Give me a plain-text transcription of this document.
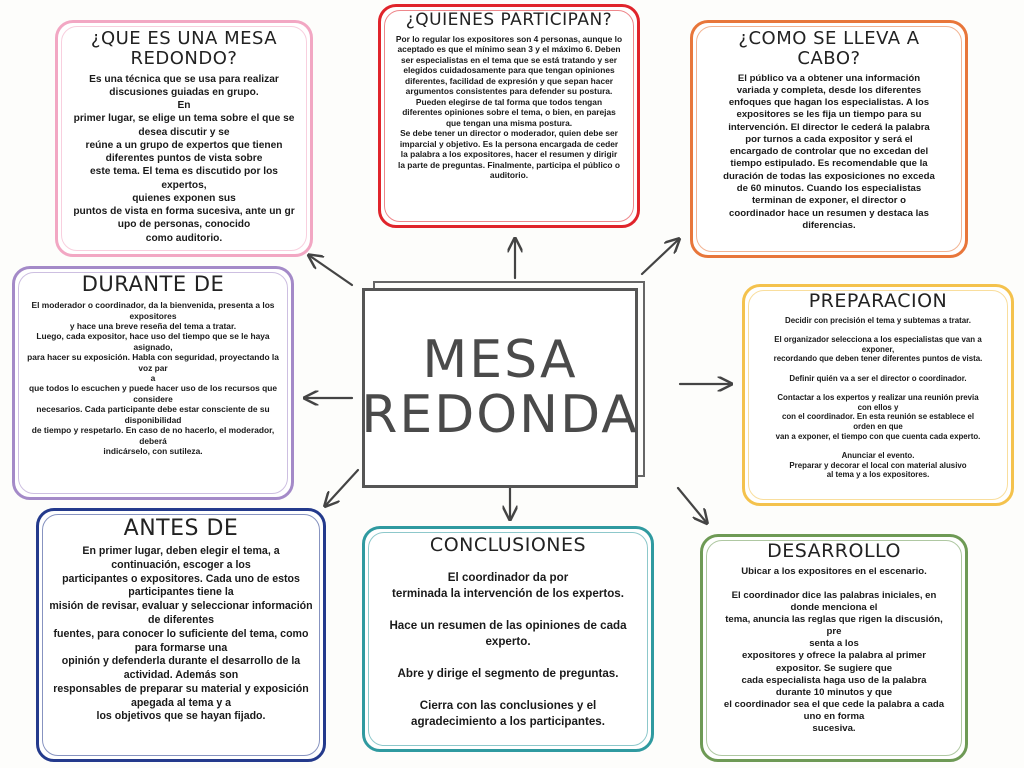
¿QUE ES UNA MESA
REDONDO?

Es una técnica que se usa para realizar
discusiones guiadas en grupo.
En
primer lugar, se elige un tema sobre el que se
desea discutir y se
reúne a un grupo de expertos que tienen
diferentes puntos de vista sobre
este tema. El tema es discutido por los expertos,
quienes exponen sus
puntos de vista en forma sucesiva, ante un gr
upo de personas, conocido
como auditorio.

¿QUIENES PARTICIPAN?

Por lo regular los expositores son 4 personas, aunque lo
aceptado es que el mínimo sean 3 y el máximo 6. Deben
ser especialistas en el tema que se está tratando y ser
elegidos cuidadosamente para que tengan opiniones
diferentes, facilidad de expresión y que sepan hacer
argumentos consistentes para defender su postura.
Pueden elegirse de tal forma que todos tengan
diferentes opiniones sobre el tema, o bien, en parejas
que tengan una misma postura.
Se debe tener un director o moderador, quien debe ser
imparcial y objetivo. Es la persona encargada de ceder
la palabra a los expositores, hacer el resumen y dirigir
la parte de preguntas. Finalmente, participa el público o
auditorio.

¿COMO SE LLEVA A
CABO?

El público va a obtener una información
variada y completa, desde los diferentes
enfoques que hagan los especialistas. A los
expositores se les fija un tiempo para su
intervención. El director le cederá la palabra
por turnos a cada expositor y será el
encargado de controlar que no excedan del
tiempo estipulado. Es recomendable que la
duración de todas las exposiciones no exceda
de 60 minutos. Cuando los especialistas
terminan de exponer, el director o
coordinador hace un resumen y destaca las
diferencias.

DURANTE DE

El moderador o coordinador, da la bienvenida, presenta a los
expositores
y hace una breve reseña del tema a tratar.
Luego, cada expositor, hace uso del tiempo que se le haya
asignado,
para hacer su exposición. Habla con seguridad, proyectando la
voz par
a
que todos lo escuchen y puede hacer uso de los recursos que
considere
necesarios. Cada participante debe estar consciente de su
disponibilidad
de tiempo y respetarlo. En caso de no hacerlo, el moderador,
deberá
indicárselo, con sutileza.

MESA
REDONDA
PREPARACION

Decidir con precisión el tema y subtemas a tratar.

El organizador selecciona a los especialistas que van a
exponer,
recordando que deben tener diferentes puntos de vista.

Definir quién va a ser el director o coordinador.

Contactar a los expertos y realizar una reunión previa
con ellos y
con el coordinador. En esta reunión se establece el
orden en que
van a exponer, el tiempo con que cuenta cada experto.

Anunciar el evento.
Preparar y decorar el local con material alusivo
al tema y a los expositores.

ANTES DE

En primer lugar, deben elegir el tema, a
continuación, escoger a los
participantes o expositores. Cada uno de estos
participantes tiene la
misión de revisar, evaluar y seleccionar información
de diferentes
fuentes, para conocer lo suficiente del tema, como
para formarse una
opinión y defenderla durante el desarrollo de la
actividad. Además son
responsables de preparar su material y exposición
apegada al tema y a
los objetivos que se hayan fijado.

CONCLUSIONES

El coordinador da por
terminada la intervención de los expertos.

Hace un resumen de las opiniones de cada
experto.

Abre y dirige el segmento de preguntas.

Cierra con las conclusiones y el
agradecimiento a los participantes.

DESARROLLO

Ubicar a los expositores en el escenario.

El coordinador dice las palabras iniciales, en
donde menciona el
tema, anuncia las reglas que rigen la discusión,
pre
senta a los
expositores y ofrece la palabra al primer
expositor. Se sugiere que
cada especialista haga uso de la palabra
durante 10 minutos y que
el coordinador sea el que cede la palabra a cada
uno en forma
sucesiva.
